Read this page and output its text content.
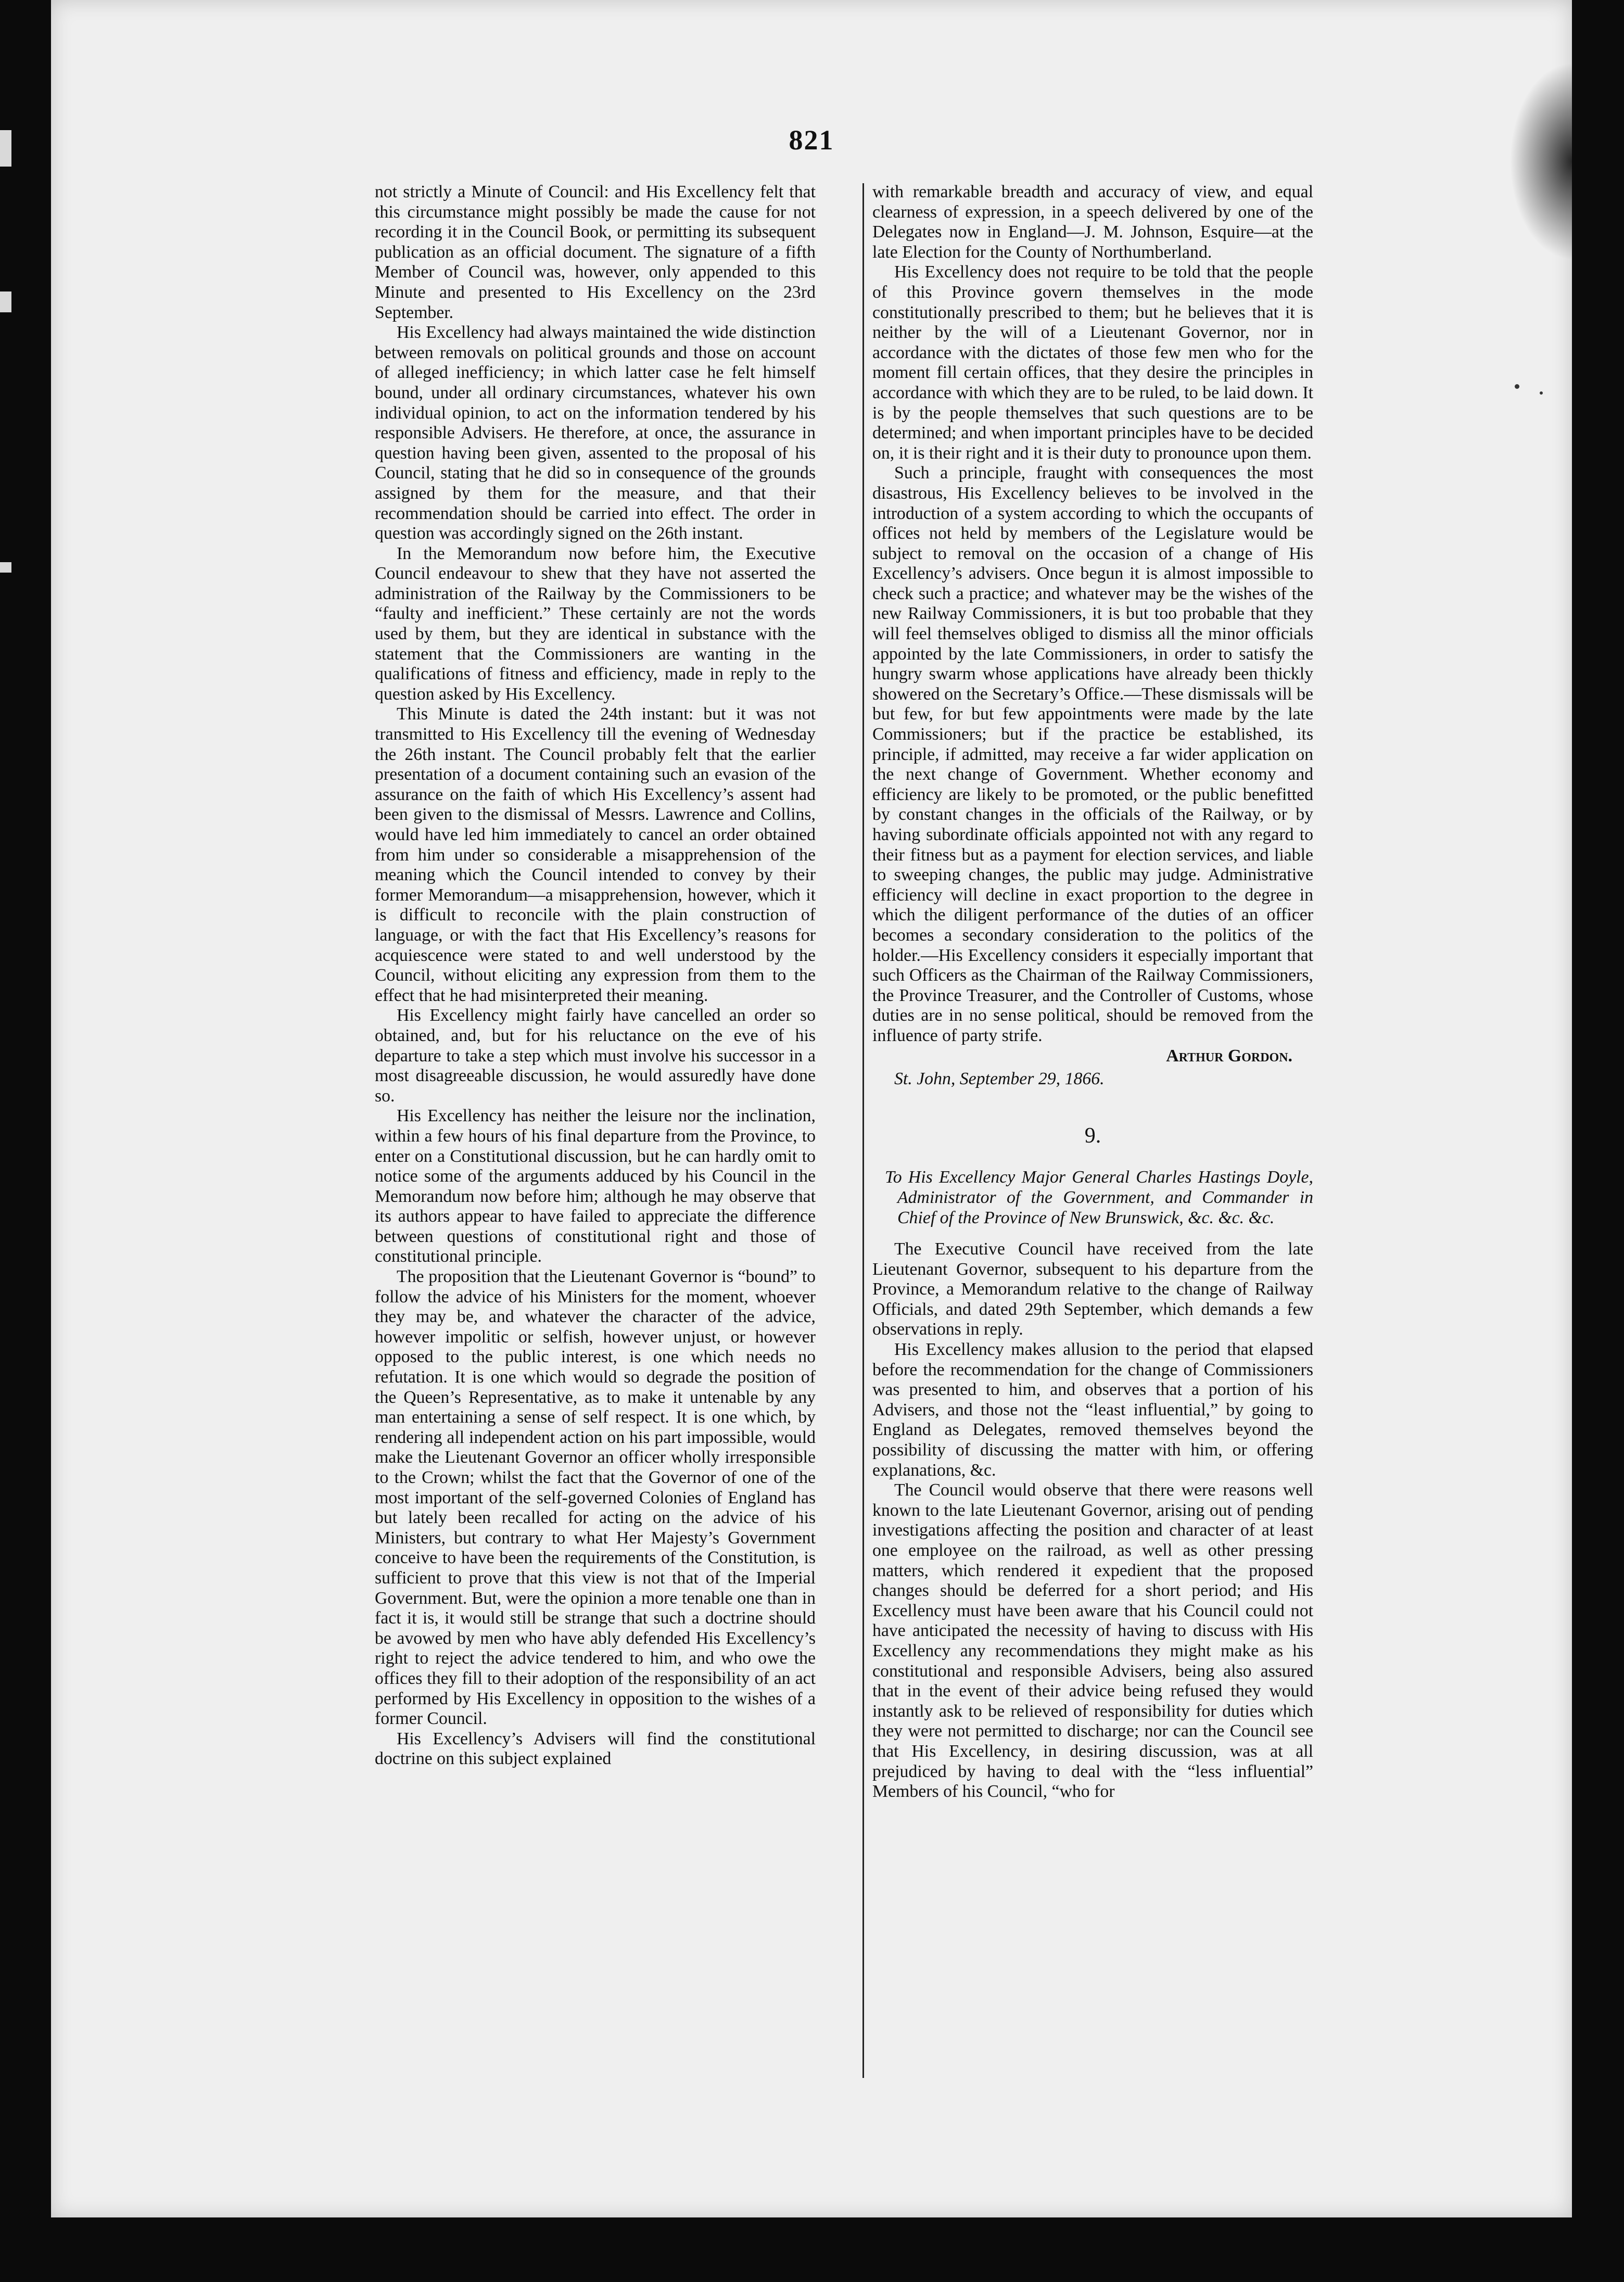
821

not strictly a Minute of Council: and His Excellency felt that this circumstance might possibly be made the cause for not recording it in the Council Book, or permitting its subsequent publication as an official document. The signature of a fifth Member of Council was, however, only appended to this Minute and presented to His Excellency on the 23rd September.

His Excellency had always maintained the wide distinction between removals on political grounds and those on account of alleged inefficiency; in which latter case he felt himself bound, under all ordinary circumstances, whatever his own individual opinion, to act on the information tendered by his responsible Advisers. He therefore, at once, the assurance in question having been given, assented to the proposal of his Council, stating that he did so in consequence of the grounds assigned by them for the measure, and that their recommendation should be carried into effect. The order in question was accordingly signed on the 26th instant.

In the Memorandum now before him, the Executive Council endeavour to shew that they have not asserted the administration of the Railway by the Commissioners to be “faulty and inefficient.” These certainly are not the words used by them, but they are identical in substance with the statement that the Commissioners are wanting in the qualifications of fitness and efficiency, made in reply to the question asked by His Excellency.

This Minute is dated the 24th instant: but it was not transmitted to His Excellency till the evening of Wednesday the 26th instant. The Council probably felt that the earlier presentation of a document containing such an evasion of the assurance on the faith of which His Excellency’s assent had been given to the dismissal of Messrs. Lawrence and Collins, would have led him immediately to cancel an order obtained from him under so considerable a misapprehension of the meaning which the Council intended to convey by their former Memorandum—a misapprehension, however, which it is difficult to reconcile with the plain construction of language, or with the fact that His Excellency’s reasons for acquiescence were stated to and well understood by the Council, without eliciting any expression from them to the effect that he had misinterpreted their meaning.

His Excellency might fairly have cancelled an order so obtained, and, but for his reluctance on the eve of his departure to take a step which must involve his successor in a most disagreeable discussion, he would assuredly have done so.

His Excellency has neither the leisure nor the inclination, within a few hours of his final departure from the Province, to enter on a Constitutional discussion, but he can hardly omit to notice some of the arguments adduced by his Council in the Memorandum now before him; although he may observe that its authors appear to have failed to appreciate the difference between questions of constitutional right and those of constitutional principle.

The proposition that the Lieutenant Governor is “bound” to follow the advice of his Ministers for the moment, whoever they may be, and whatever the character of the advice, however impolitic or selfish, however unjust, or however opposed to the public interest, is one which needs no refutation. It is one which would so degrade the position of the Queen’s Representative, as to make it untenable by any man entertaining a sense of self respect. It is one which, by rendering all independent action on his part impossible, would make the Lieutenant Governor an officer wholly irresponsible to the Crown; whilst the fact that the Governor of one of the most important of the self-governed Colonies of England has but lately been recalled for acting on the advice of his Ministers, but contrary to what Her Majesty’s Government conceive to have been the requirements of the Constitution, is sufficient to prove that this view is not that of the Imperial Government. But, were the opinion a more tenable one than in fact it is, it would still be strange that such a doctrine should be avowed by men who have ably defended His Excellency’s right to reject the advice tendered to him, and who owe the offices they fill to their adoption of the responsibility of an act performed by His Excellency in opposition to the wishes of a former Council.

His Excellency’s Advisers will find the constitutional doctrine on this subject explained

with remarkable breadth and accuracy of view, and equal clearness of expression, in a speech delivered by one of the Delegates now in England—J. M. Johnson, Esquire—at the late Election for the County of Northumberland.

His Excellency does not require to be told that the people of this Province govern themselves in the mode constitutionally prescribed to them; but he believes that it is neither by the will of a Lieutenant Governor, nor in accordance with the dictates of those few men who for the moment fill certain offices, that they desire the principles in accordance with which they are to be ruled, to be laid down. It is by the people themselves that such questions are to be determined; and when important principles have to be decided on, it is their right and it is their duty to pronounce upon them.

Such a principle, fraught with consequences the most disastrous, His Excellency believes to be involved in the introduction of a system according to which the occupants of offices not held by members of the Legislature would be subject to removal on the occasion of a change of His Excellency’s advisers. Once begun it is almost impossible to check such a practice; and whatever may be the wishes of the new Railway Commissioners, it is but too probable that they will feel themselves obliged to dismiss all the minor officials appointed by the late Commissioners, in order to satisfy the hungry swarm whose applications have already been thickly showered on the Secretary’s Office.—These dismissals will be but few, for but few appointments were made by the late Commissioners; but if the practice be established, its principle, if admitted, may receive a far wider application on the next change of Government. Whether economy and efficiency are likely to be promoted, or the public benefitted by constant changes in the officials of the Railway, or by having subordinate officials appointed not with any regard to their fitness but as a payment for election services, and liable to sweeping changes, the public may judge. Administrative efficiency will decline in exact proportion to the degree in which the diligent performance of the duties of an officer becomes a secondary consideration to the politics of the holder.—His Excellency considers it especially important that such Officers as the Chairman of the Railway Commissioners, the Province Treasurer, and the Controller of Customs, whose duties are in no sense political, should be removed from the influence of party strife.

Arthur Gordon.

St. John, September 29, 1866.

9.

To His Excellency Major General Charles Hastings Doyle, Administrator of the Government, and Commander in Chief of the Province of New Brunswick, &c. &c. &c.

The Executive Council have received from the late Lieutenant Governor, subsequent to his departure from the Province, a Memorandum relative to the change of Railway Officials, and dated 29th September, which demands a few observations in reply.

His Excellency makes allusion to the period that elapsed before the recommendation for the change of Commissioners was presented to him, and observes that a portion of his Advisers, and those not the “least influential,” by going to England as Delegates, removed themselves beyond the possibility of discussing the matter with him, or offering explanations, &c.

The Council would observe that there were reasons well known to the late Lieutenant Governor, arising out of pending investigations affecting the position and character of at least one employee on the railroad, as well as other pressing matters, which rendered it expedient that the proposed changes should be deferred for a short period; and His Excellency must have been aware that his Council could not have anticipated the necessity of having to discuss with His Excellency any recommendations they might make as his constitutional and responsible Advisers, being also assured that in the event of their advice being refused they would instantly ask to be relieved of responsibility for duties which they were not permitted to discharge; nor can the Council see that His Excellency, in desiring discussion, was at all prejudiced by having to deal with the “less influential” Members of his Council, “who for
